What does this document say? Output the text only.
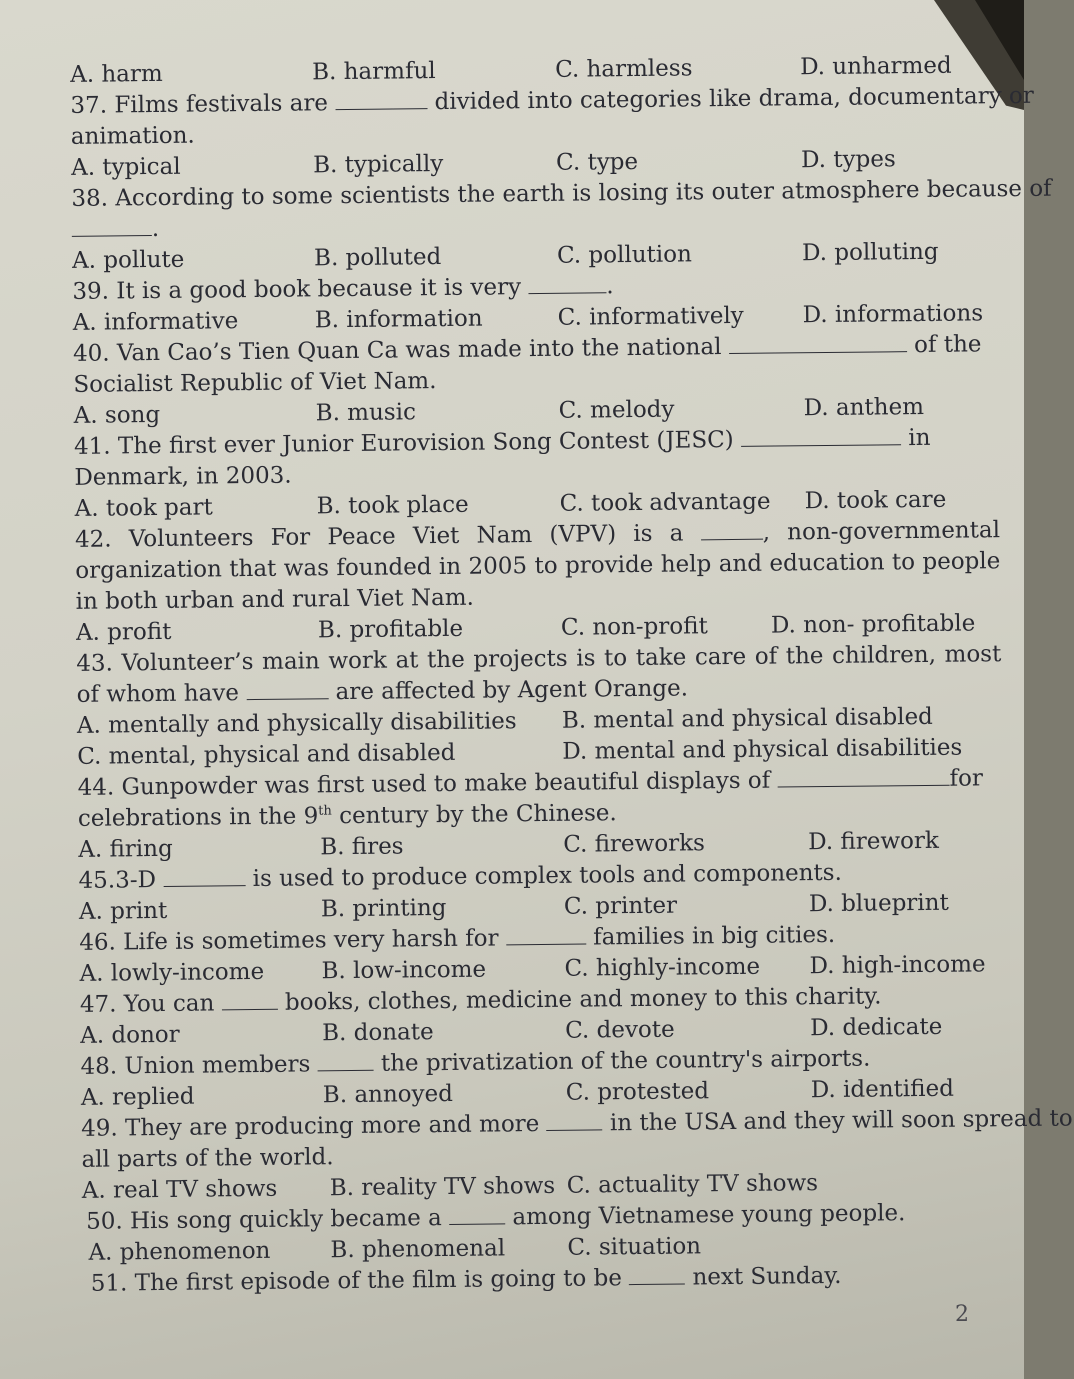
A. harm	B. harmful	C. harmless	D. unharmed
37. Films festivals are	divided into categories like drama, documentary or
animation.
A. typical	B. typically	C. type	D. types
38. According to some scientists the earth is losing its outer atmosphere because of
.
A. pollute	B. polluted	C. pollution	D. polluting
39. It is a good book because it is very	.
A. informative	B. information	C. informatively	D. informations
40. Van Cao’s Tien Quan Ca was made into the national	of the
Socialist Republic of Viet Nam.
A. song	B. music	C. melody	D. anthem
41. The first ever Junior Eurovision Song Contest (JESC)	in
Denmark, in 2003.
A. took part	B. took place	C. took advantage D. took care
42. Volunteers For Peace Viet Nam (VPV) is a	, non-governmental organization that was founded in 2005 to provide help and education to people in both urban and rural Viet Nam.
A. profit	B. profitable	C. non-profit	D. non- profitable
43. Volunteer’s main work at the projects is to take care of the children, most of whom have	are affected by Agent Orange.
A. mentally and physically disabilities B. mental and physical disabled
C. mental, physical and disabled	D. mental and physical disabilities
44. Gunpowder was first used to make beautiful displays of	for
celebrations in the 9th century by the Chinese.
A. firing	B. fires	C. fireworks	D. firework
45.3-D	is used to produce complex tools and components.
A. print	B. printing	C. printer	D. blueprint
46. Life is sometimes very harsh for	families in big cities.
A. lowly-income B. low-income	C. highly-income D. high-income
47. You can	books, clothes, medicine and money to this charity.
A. donor	B. donate	C. devote	D. dedicate
48. Union members	the privatization of the country's airports.
A. replied	B. annoyed	C. protested	D. identified
49. They are producing more and more	in the USA and they will soon spread to
all parts of the world.
A. real TV shows B. reality TV shows C. actuality TV shows
50. His song quickly became a	among Vietnamese young people.
A. phenomenon	B. phenomenal	C. situation
51. The first episode of the film is going to be	next Sunday.
2
